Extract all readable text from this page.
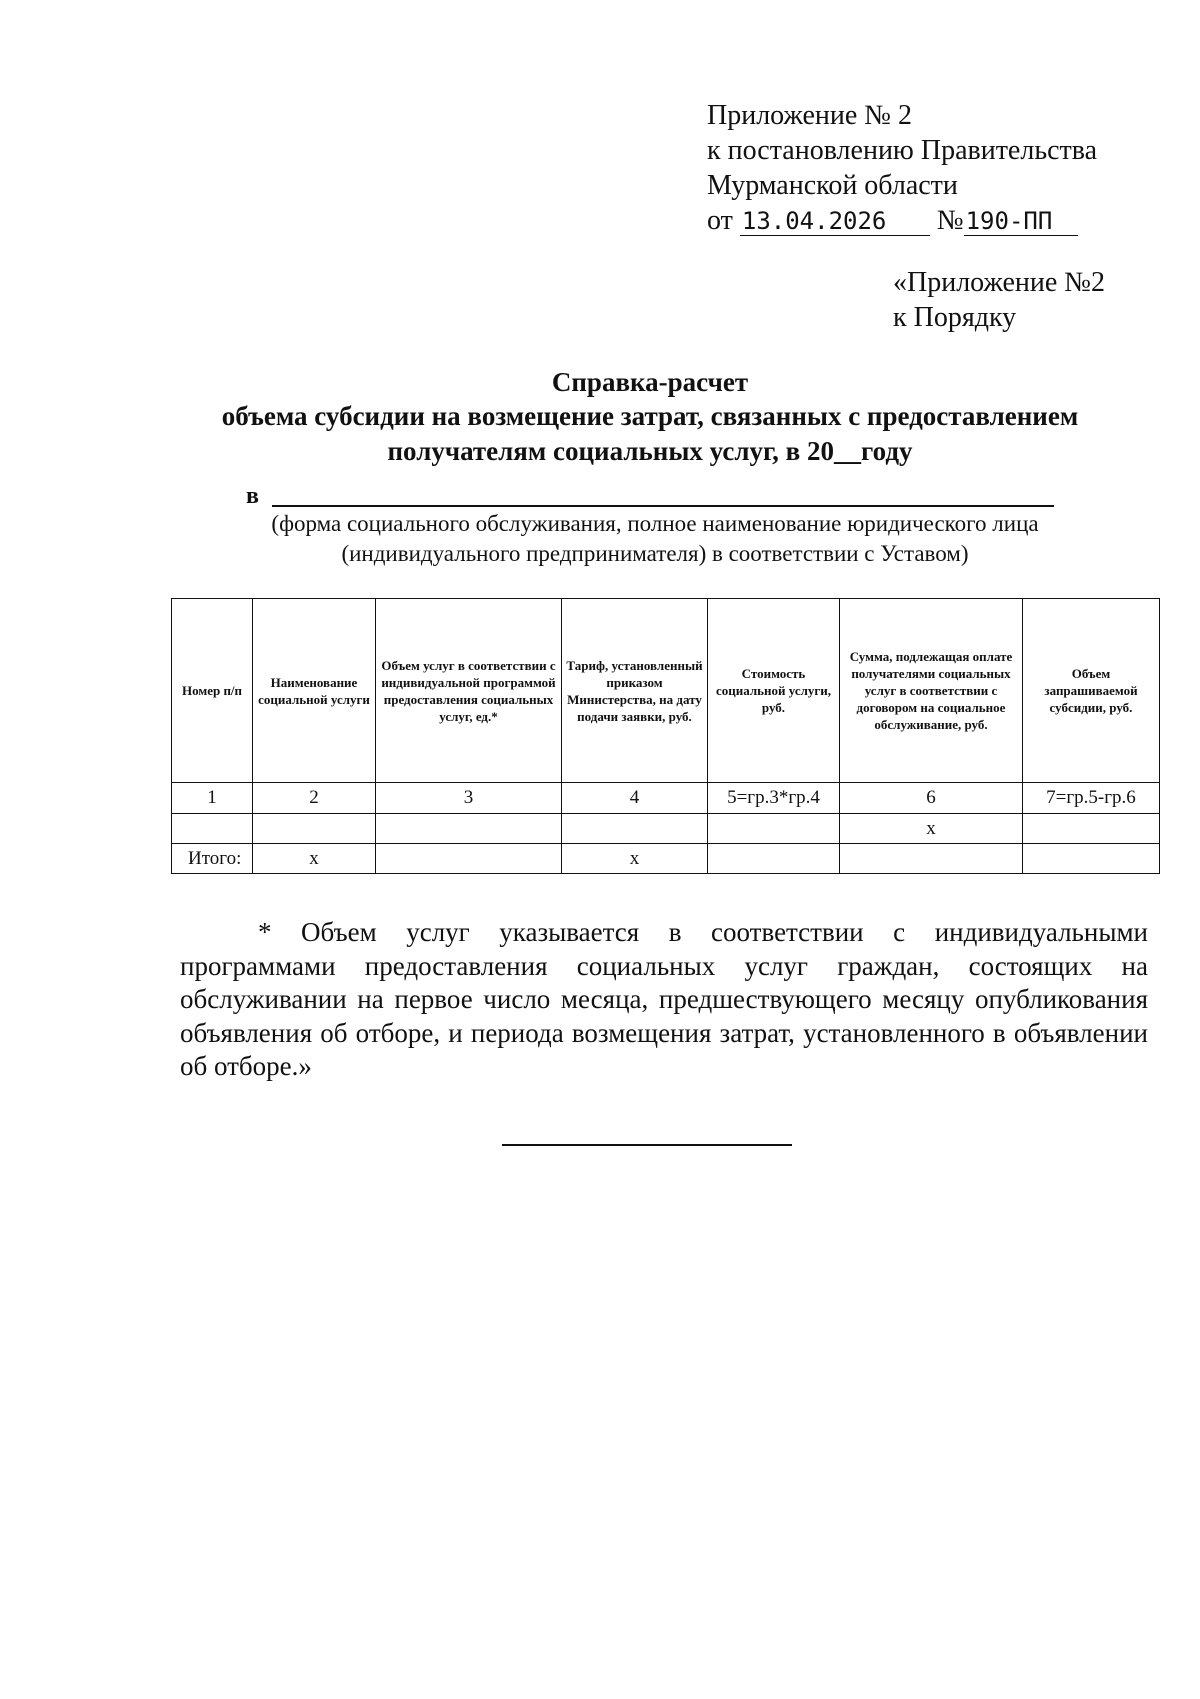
Приложение № 2
к постановлению Правительства
Мурманской области
от 13.04.2026 №190-ПП
«Приложение №2
к Порядку
Справка-расчет
объема субсидии на возмещение затрат, связанных с предоставлением
получателям социальных услуг, в 20__году
в
(форма социального обслуживания, полное наименование юридического лица
(индивидуального предпринимателя) в соответствии с Уставом)
Номер п/п	Наименование социальной услуги	Объем услуг в соответствии с индивидуальной программой предоставления социальных услуг, ед.*	Тариф, установленный приказом Министерства, на дату подачи заявки, руб.	Стоимость социальной услуги, руб.	Сумма, подлежащая оплате получателями социальных услуг в соответствии с договором на социальное обслуживание, руб.	Объем запрашиваемой субсидии, руб.
1	2	3	4	5=гр.3*гр.4	6	7=гр.5-гр.6
					х	
Итого:	х		х			
* Объем услуг указывается в соответствии с индивидуальными программами предоставления социальных услуг граждан, состоящих на обслуживании на первое число месяца, предшествующего месяцу опубликования объявления об отборе, и периода возмещения затрат, установленного в объявлении об отборе.»
